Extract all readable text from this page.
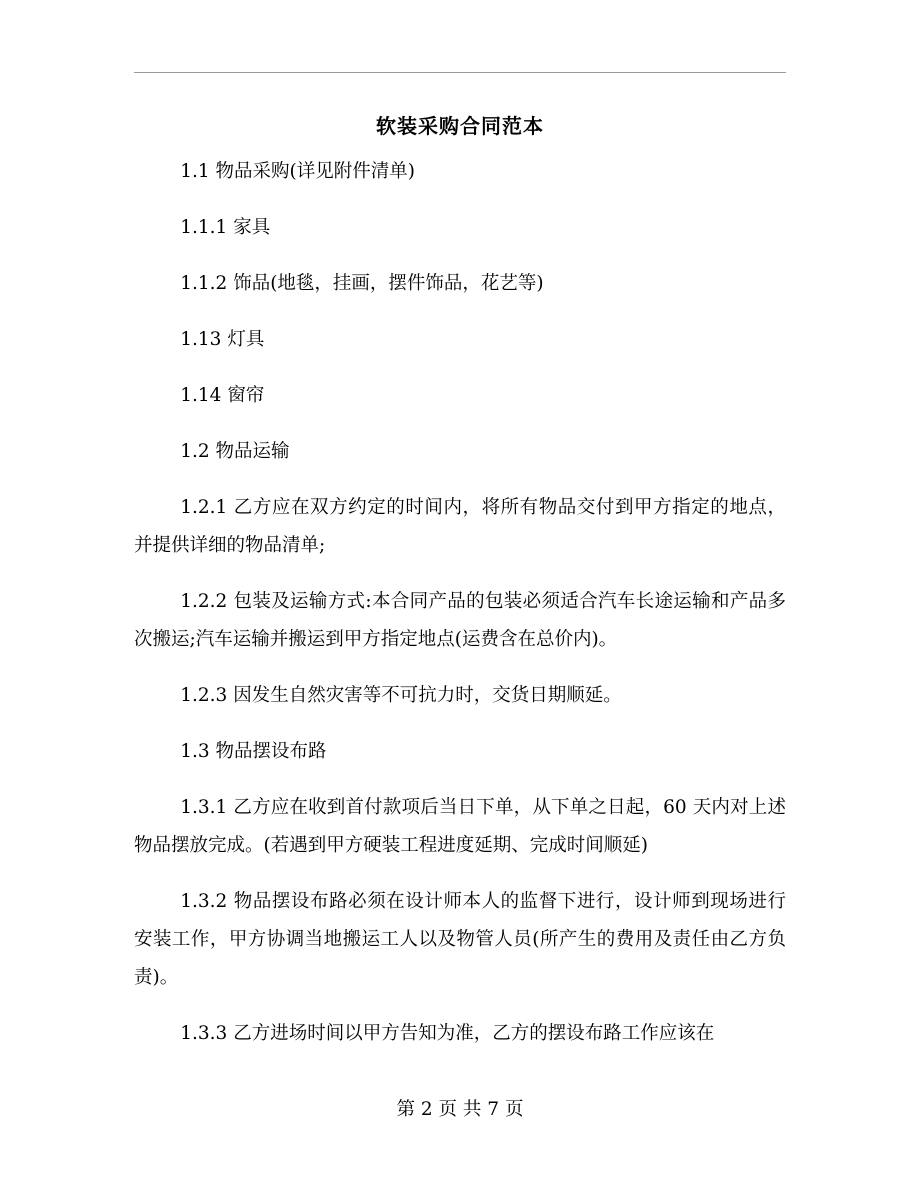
软装采购合同范本

1.1 物品采购(详见附件清单)

1.1.1 家具

1.1.2 饰品(地毯，挂画，摆件饰品，花艺等)

1.13 灯具

1.14 窗帘

1.2 物品运输

1.2.1 乙方应在双方约定的时间内，将所有物品交付到甲方指定的地点，并提供详细的物品清单;

1.2.2 包装及运输方式:本合同产品的包装必须适合汽车长途运输和产品多次搬运;汽车运输并搬运到甲方指定地点(运费含在总价内)。

1.2.3 因发生自然灾害等不可抗力时，交货日期顺延。

1.3 物品摆设布路

1.3.1 乙方应在收到首付款项后当日下单，从下单之日起，60 天内对上述物品摆放完成。(若遇到甲方硬装工程进度延期、完成时间顺延)

1.3.2 物品摆设布路必须在设计师本人的监督下进行，设计师到现场进行安装工作，甲方协调当地搬运工人以及物管人员(所产生的费用及责任由乙方负责)。

1.3.3 乙方进场时间以甲方告知为准，乙方的摆设布路工作应该在

第 2 页 共 7 页
